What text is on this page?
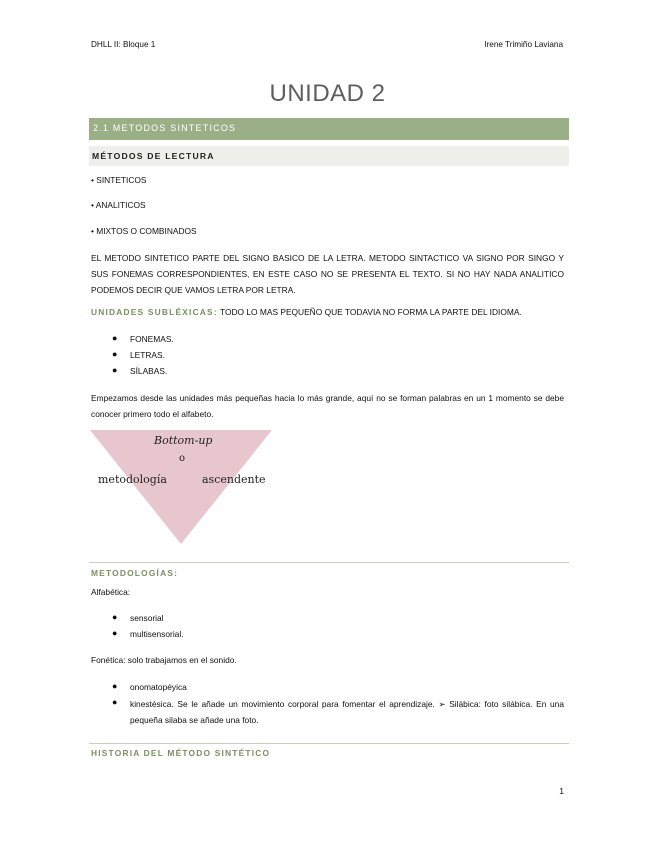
DHLL II: Bloque 1	Irene Trimiño Laviana
UNIDAD 2
2.1 METODOS SINTETICOS
MÉTODOS DE LECTURA
• SINTETICOS
• ANALITICOS
• MIXTOS O COMBINADOS
EL METODO SINTETICO PARTE DEL SIGNO BASICO DE LA LETRA. METODO SINTACTICO VA SIGNO POR SINGO Y SUS FONEMAS CORRESPONDIENTES, EN ESTE CASO NO SE PRESENTA EL TEXTO. SI NO HAY NADA ANALITICO PODEMOS DECIR QUE VAMOS LETRA POR LETRA.
UNIDADES SUBLÉXICAS: TODO LO MAS PEQUEÑO QUE TODAVIA NO FORMA LA PARTE DEL IDIOMA.
● FONEMAS.
● LETRAS.
● SÍLABAS.
Empezamos desde las unidades más pequeñas hacia lo más grande, aquí no se forman palabras en un 1 momento se debe conocer primero todo el alfabeto.
Bottom-up
o
metodología	ascendente
METODOLOGÍAS:
Alfabética:
● sensorial
● multisensorial.
Fonética: solo trabajamos en el sonido.
● onomatopéyica
● kinestésica. Se le añade un movimiento corporal para fomentar el aprendizaje. ➢ Silábica: foto silábica. En una pequeña silaba se añade una foto.
HISTORIA DEL MÉTODO SINTÉTICO
1
